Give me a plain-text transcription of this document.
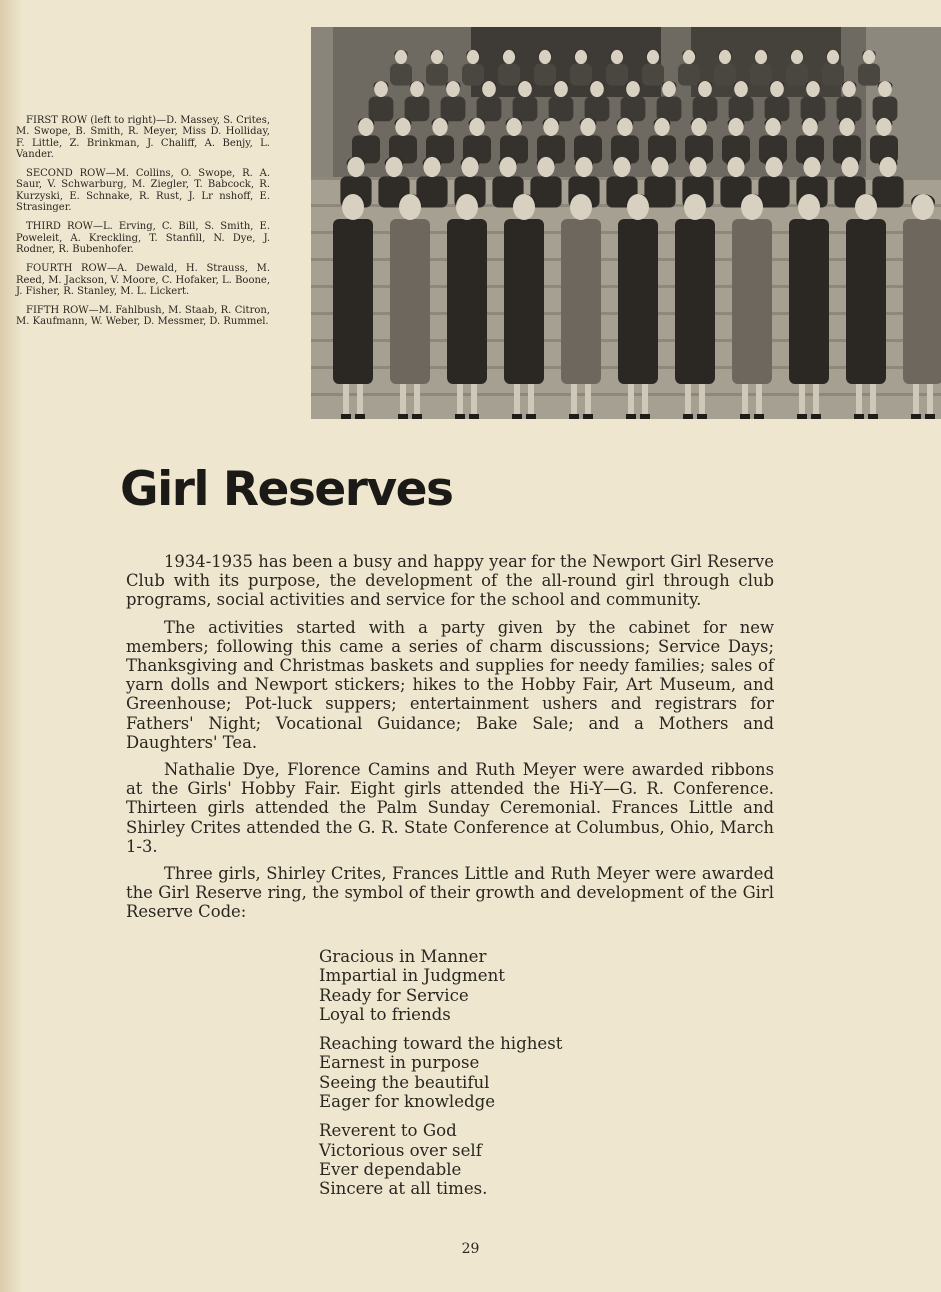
FIRST ROW (left to right)—D. Massey, S. Crites, M. Swope, B. Smith, R. Meyer, Miss D. Holliday, F. Little, Z. Brinkman, J. Chaliff, A. Benjy, L. Vander.

SECOND ROW—M. Collins, O. Swope, R. A. Saur, V. Schwarburg, M. Ziegler, T. Babcock, R. Kurzyski, E. Schnake, R. Rust, J. Lr nshoff, E. Strasinger.

THIRD ROW—L. Erving, C. Bill, S. Smith, E. Poweleit, A. Kreckling, T. Stanfill, N. Dye, J. Rodner, R. Bubenhofer.

FOURTH ROW—A. Dewald, H. Strauss, M. Reed, M. Jackson, V. Moore, C. Hofaker, L. Boone, J. Fisher, R. Stanley, M. L. Lickert.

FIFTH ROW—M. Fahlbush, M. Staab, R. Citron, M. Kaufmann, W. Weber, D. Messmer, D. Rummel.

Girl Reserves

1934-1935 has been a busy and happy year for the Newport Girl Reserve Club with its purpose, the development of the all-round girl through club programs, social activities and service for the school and community.

The activities started with a party given by the cabinet for new members; following this came a series of charm discussions; Service Days; Thanksgiving and Christmas baskets and supplies for needy families; sales of yarn dolls and Newport stickers; hikes to the Hobby Fair, Art Museum, and Greenhouse; Pot-luck suppers; entertainment ushers and registrars for Fathers' Night; Vocational Guidance; Bake Sale; and a Mothers and Daughters' Tea.

Nathalie Dye, Florence Camins and Ruth Meyer were awarded ribbons at the Girls' Hobby Fair. Eight girls attended the Hi-Y—G. R. Conference. Thirteen girls attended the Palm Sunday Ceremonial. Frances Little and Shirley Crites attended the G. R. State Conference at Columbus, Ohio, March 1-3.

Three girls, Shirley Crites, Frances Little and Ruth Meyer were awarded the Girl Reserve ring, the symbol of their growth and development of the Girl Reserve Code:

Gracious in Manner
Impartial in Judgment
Ready for Service
Loyal to friends
Reaching toward the highest
Earnest in purpose
Seeing the beautiful
Eager for knowledge
Reverent to God
Victorious over self
Ever dependable
Sincere at all times.
29
